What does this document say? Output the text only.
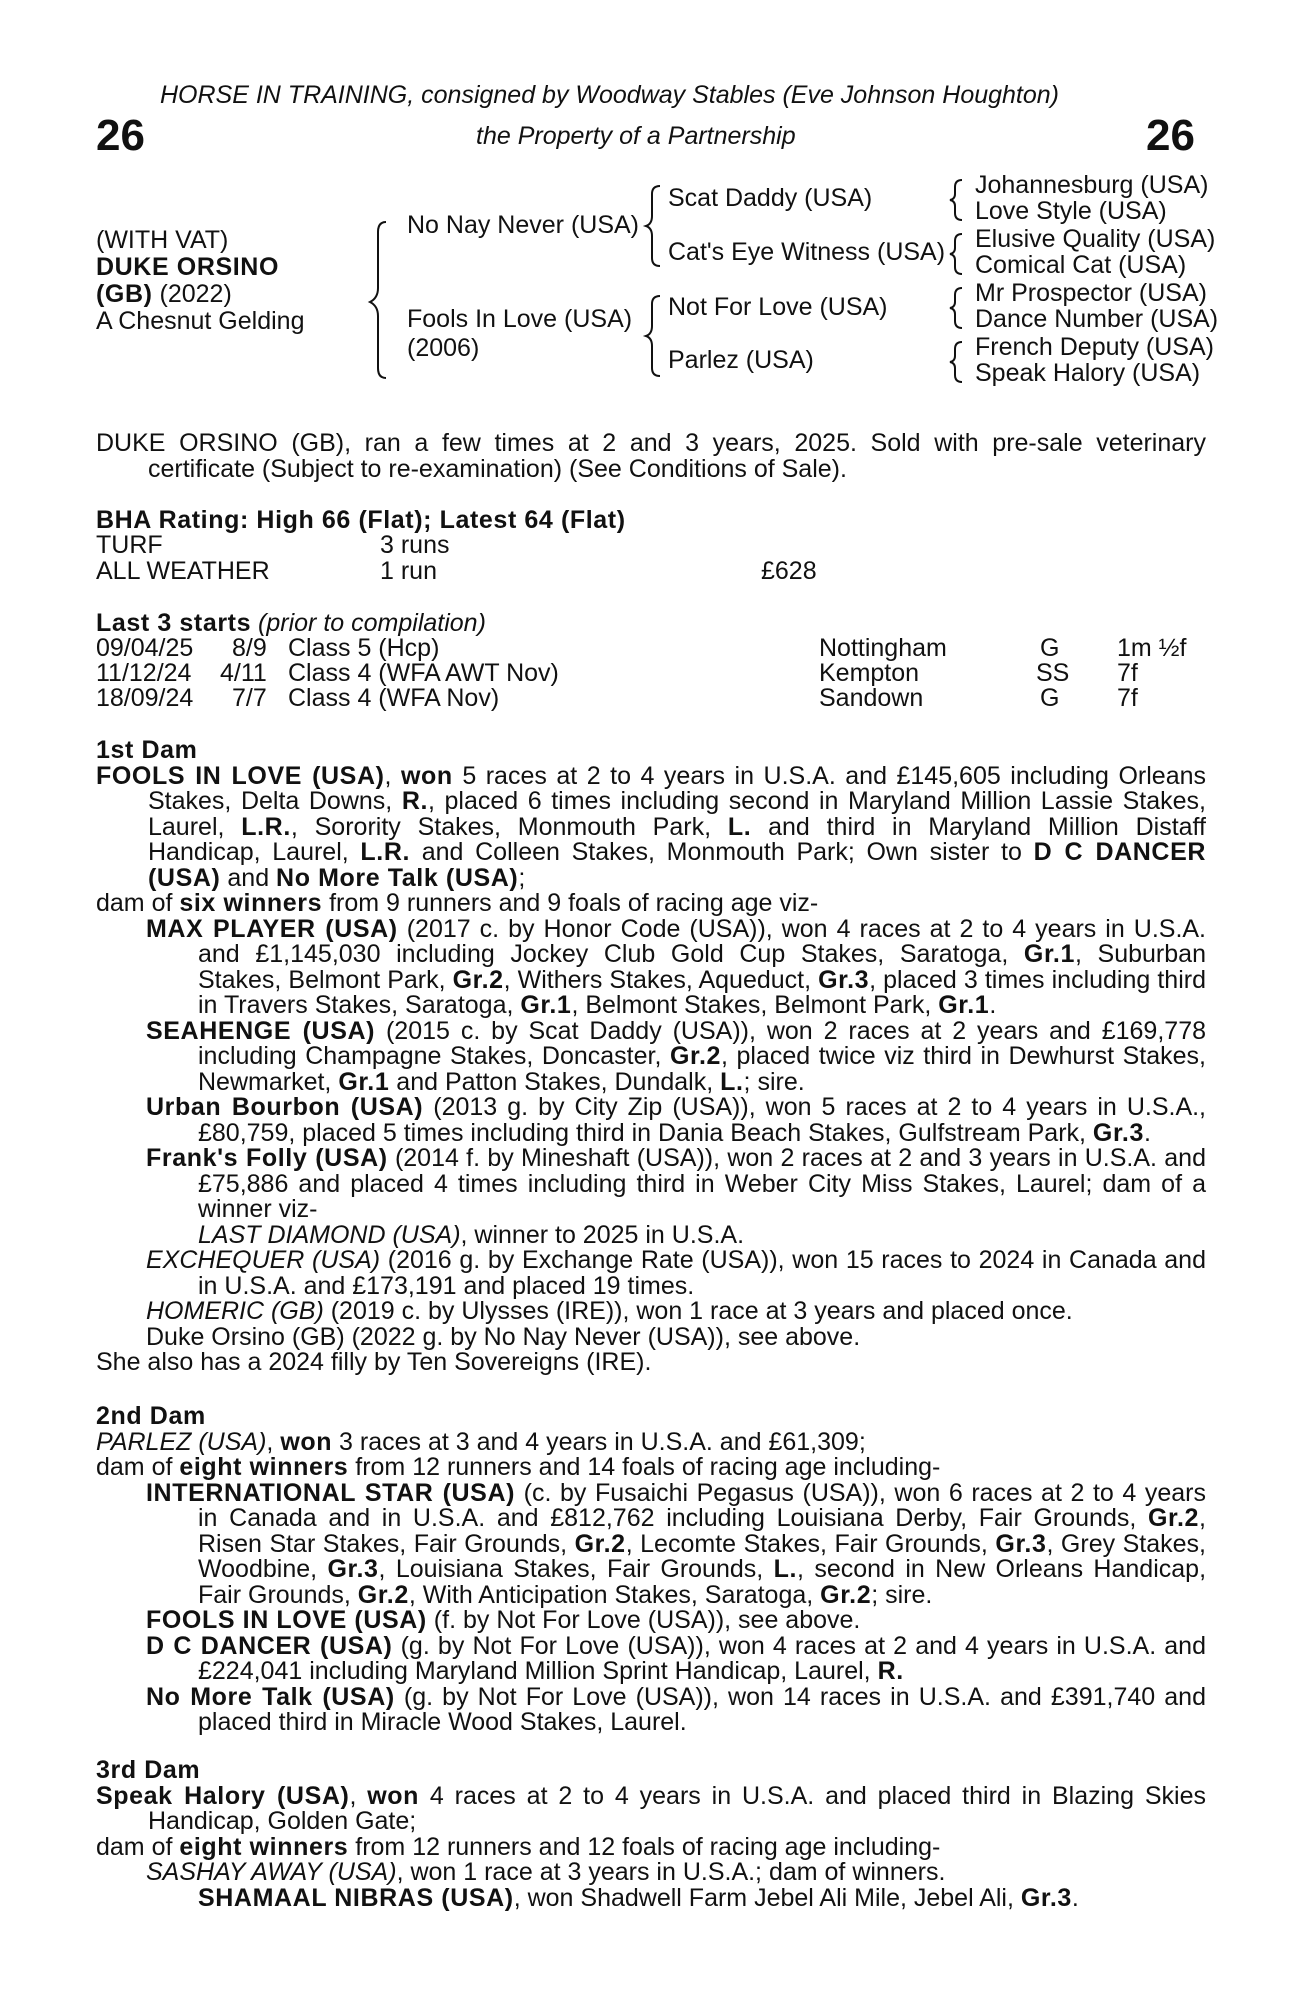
HORSE IN TRAINING, consigned by Woodway Stables (Eve Johnson Houghton)
26	the Property of a Partnership	26
(WITH VAT)
DUKE ORSINO
(GB) (2022)
A Chesnut Gelding
No Nay Never (USA)
Fools In Love (USA)
(2006)
Scat Daddy (USA)
Cat's Eye Witness (USA)
Not For Love (USA)
Parlez (USA)
Johannesburg (USA)
Love Style (USA)
Elusive Quality (USA)
Comical Cat (USA)
Mr Prospector (USA)
Dance Number (USA)
French Deputy (USA)
Speak Halory (USA)

DUKE ORSINO (GB), ran a few times at 2 and 3 years, 2025. Sold with pre-sale veterinary certificate (Subject to re-examination) (See Conditions of Sale).

BHA Rating: High 66 (Flat); Latest 64 (Flat)
TURF	3 runs
ALL WEATHER	1 run	£628
Last 3 starts (prior to compilation)
09/04/25 8/9 Class 5 (Hcp)	Nottingham	G 1m ½f
11/12/24 4/11 Class 4 (WFA AWT Nov)	Kempton	SS 7f
18/09/24 7/7 Class 4 (WFA Nov)	Sandown	G 7f

1st Dam

FOOLS IN LOVE (USA), won 5 races at 2 to 4 years in U.S.A. and £145,605 including Orleans Stakes, Delta Downs, R., placed 6 times including second in Maryland Million Lassie Stakes, Laurel, L.R., Sorority Stakes, Monmouth Park, L. and third in Maryland Million Distaff Handicap, Laurel, L.R. and Colleen Stakes, Monmouth Park; Own sister to D C DANCER (USA) and No More Talk (USA);

dam of six winners from 9 runners and 9 foals of racing age viz-

MAX PLAYER (USA) (2017 c. by Honor Code (USA)), won 4 races at 2 to 4 years in U.S.A. and £1,145,030 including Jockey Club Gold Cup Stakes, Saratoga, Gr.1, Suburban Stakes, Belmont Park, Gr.2, Withers Stakes, Aqueduct, Gr.3, placed 3 times including third in Travers Stakes, Saratoga, Gr.1, Belmont Stakes, Belmont Park, Gr.1.

SEAHENGE (USA) (2015 c. by Scat Daddy (USA)), won 2 races at 2 years and £169,778 including Champagne Stakes, Doncaster, Gr.2, placed twice viz third in Dewhurst Stakes, Newmarket, Gr.1 and Patton Stakes, Dundalk, L.; sire.

Urban Bourbon (USA) (2013 g. by City Zip (USA)), won 5 races at 2 to 4 years in U.S.A., £80,759, placed 5 times including third in Dania Beach Stakes, Gulfstream Park, Gr.3.

Frank's Folly (USA) (2014 f. by Mineshaft (USA)), won 2 races at 2 and 3 years in U.S.A. and £75,886 and placed 4 times including third in Weber City Miss Stakes, Laurel; dam of a winner viz-

LAST DIAMOND (USA), winner to 2025 in U.S.A.

EXCHEQUER (USA) (2016 g. by Exchange Rate (USA)), won 15 races to 2024 in Canada and in U.S.A. and £173,191 and placed 19 times.

HOMERIC (GB) (2019 c. by Ulysses (IRE)), won 1 race at 3 years and placed once.

Duke Orsino (GB) (2022 g. by No Nay Never (USA)), see above.

She also has a 2024 filly by Ten Sovereigns (IRE).

2nd Dam

PARLEZ (USA), won 3 races at 3 and 4 years in U.S.A. and £61,309;

dam of eight winners from 12 runners and 14 foals of racing age including-

INTERNATIONAL STAR (USA) (c. by Fusaichi Pegasus (USA)), won 6 races at 2 to 4 years in Canada and in U.S.A. and £812,762 including Louisiana Derby, Fair Grounds, Gr.2, Risen Star Stakes, Fair Grounds, Gr.2, Lecomte Stakes, Fair Grounds, Gr.3, Grey Stakes, Woodbine, Gr.3, Louisiana Stakes, Fair Grounds, L., second in New Orleans Handicap, Fair Grounds, Gr.2, With Anticipation Stakes, Saratoga, Gr.2; sire.

FOOLS IN LOVE (USA) (f. by Not For Love (USA)), see above.

D C DANCER (USA) (g. by Not For Love (USA)), won 4 races at 2 and 4 years in U.S.A. and £224,041 including Maryland Million Sprint Handicap, Laurel, R.

No More Talk (USA) (g. by Not For Love (USA)), won 14 races in U.S.A. and £391,740 and placed third in Miracle Wood Stakes, Laurel.

3rd Dam

Speak Halory (USA), won 4 races at 2 to 4 years in U.S.A. and placed third in Blazing Skies Handicap, Golden Gate;

dam of eight winners from 12 runners and 12 foals of racing age including-

SASHAY AWAY (USA), won 1 race at 3 years in U.S.A.; dam of winners.

SHAMAAL NIBRAS (USA), won Shadwell Farm Jebel Ali Mile, Jebel Ali, Gr.3.
